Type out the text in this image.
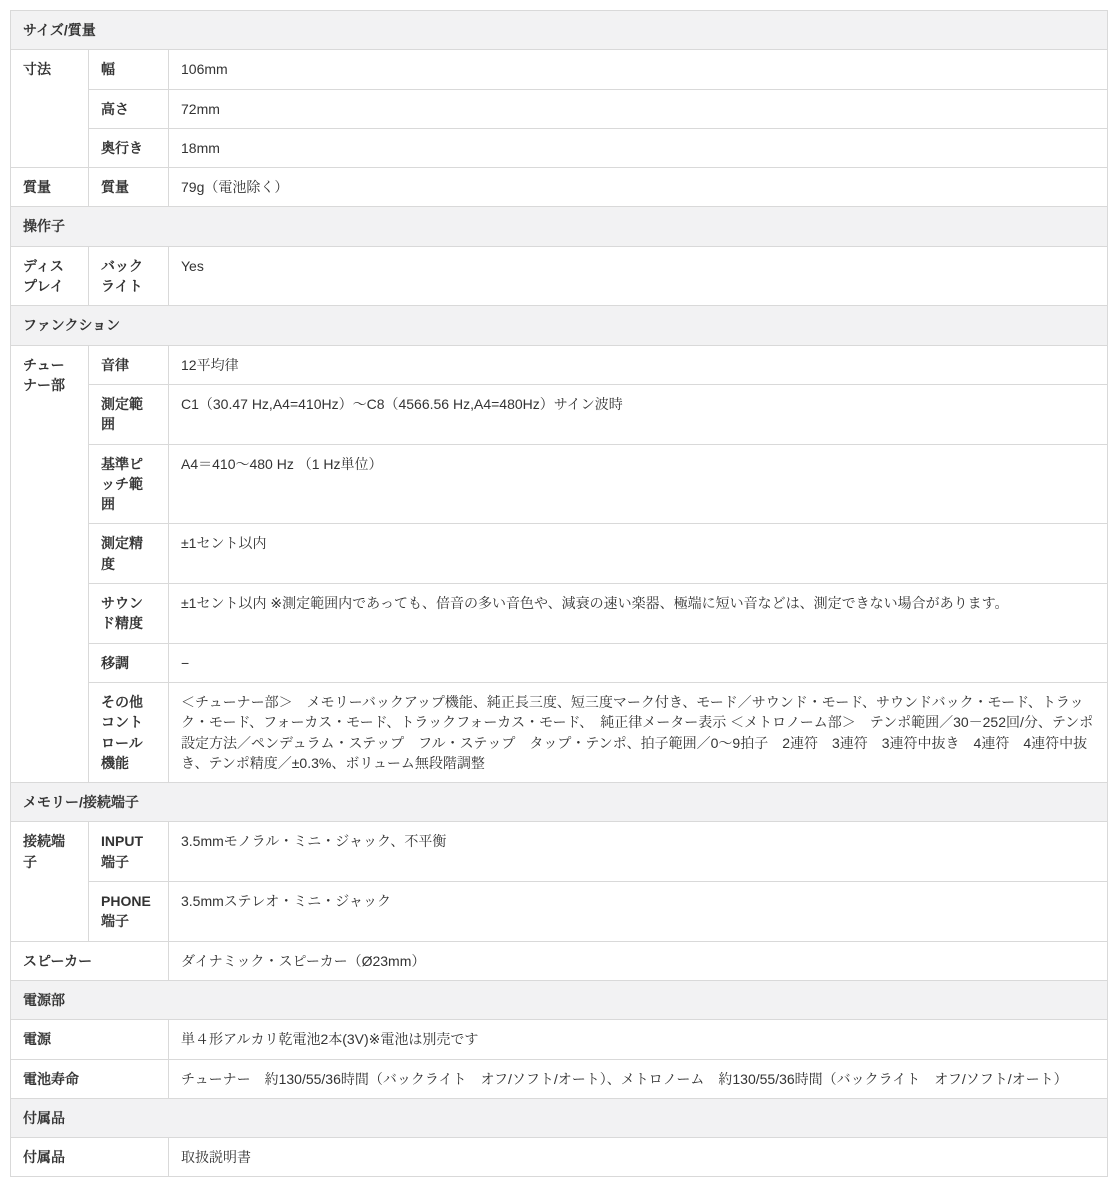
サイズ/質量		
寸法	幅	106mm
	高さ	72mm
	奥行き	18mm
質量	質量	79g（電池除く）
操作子		
ディスプレイ	バックライト	Yes
ファンクション		
チューナー部	音律	12平均律
	測定範囲	C1（30.47 Hz,A4=410Hz）～C8（4566.56 Hz,A4=480Hz）サイン波時
	基準ピッチ範囲	A4＝410～480 Hz （1 Hz単位）
	測定精度	±1セント以内
	サウンド精度	±1セント以内 ※測定範囲内であっても、倍音の多い音色や、減衰の速い楽器、極端に短い音などは、測定できない場合があります。
	移調	−
	その他コントロール機能	＜チューナー部＞　メモリーバックアップ機能、純正長三度、短三度マーク付き、モード／サウンド・モード、サウンドバック・モード、トラック・モード、フォーカス・モード、トラックフォーカス・モード、　純正律メーター表示 ＜メトロノーム部＞　テンポ範囲／30－252回/分、テンポ設定方法／ペンデュラム・ステップ　フル・ステップ　タップ・テンポ、拍子範囲／0～9拍子　2連符　3連符　3連符中抜き　4連符　4連符中抜き、テンポ精度／±0.3%、ボリューム無段階調整
メモリー/接続端子		
接続端子	INPUT端子	3.5mmモノラル・ミニ・ジャック、不平衡
	PHONE端子	3.5mmステレオ・ミニ・ジャック
スピーカー		ダイナミック・スピーカー（Ø23mm）
電源部		
電源		単４形アルカリ乾電池2本(3V)※電池は別売です
電池寿命		チューナー　約130/55/36時間（バックライト　オフ/ソフト/オート）、メトロノーム　約130/55/36時間（バックライト　オフ/ソフト/オート）
付属品		
付属品		取扱説明書
